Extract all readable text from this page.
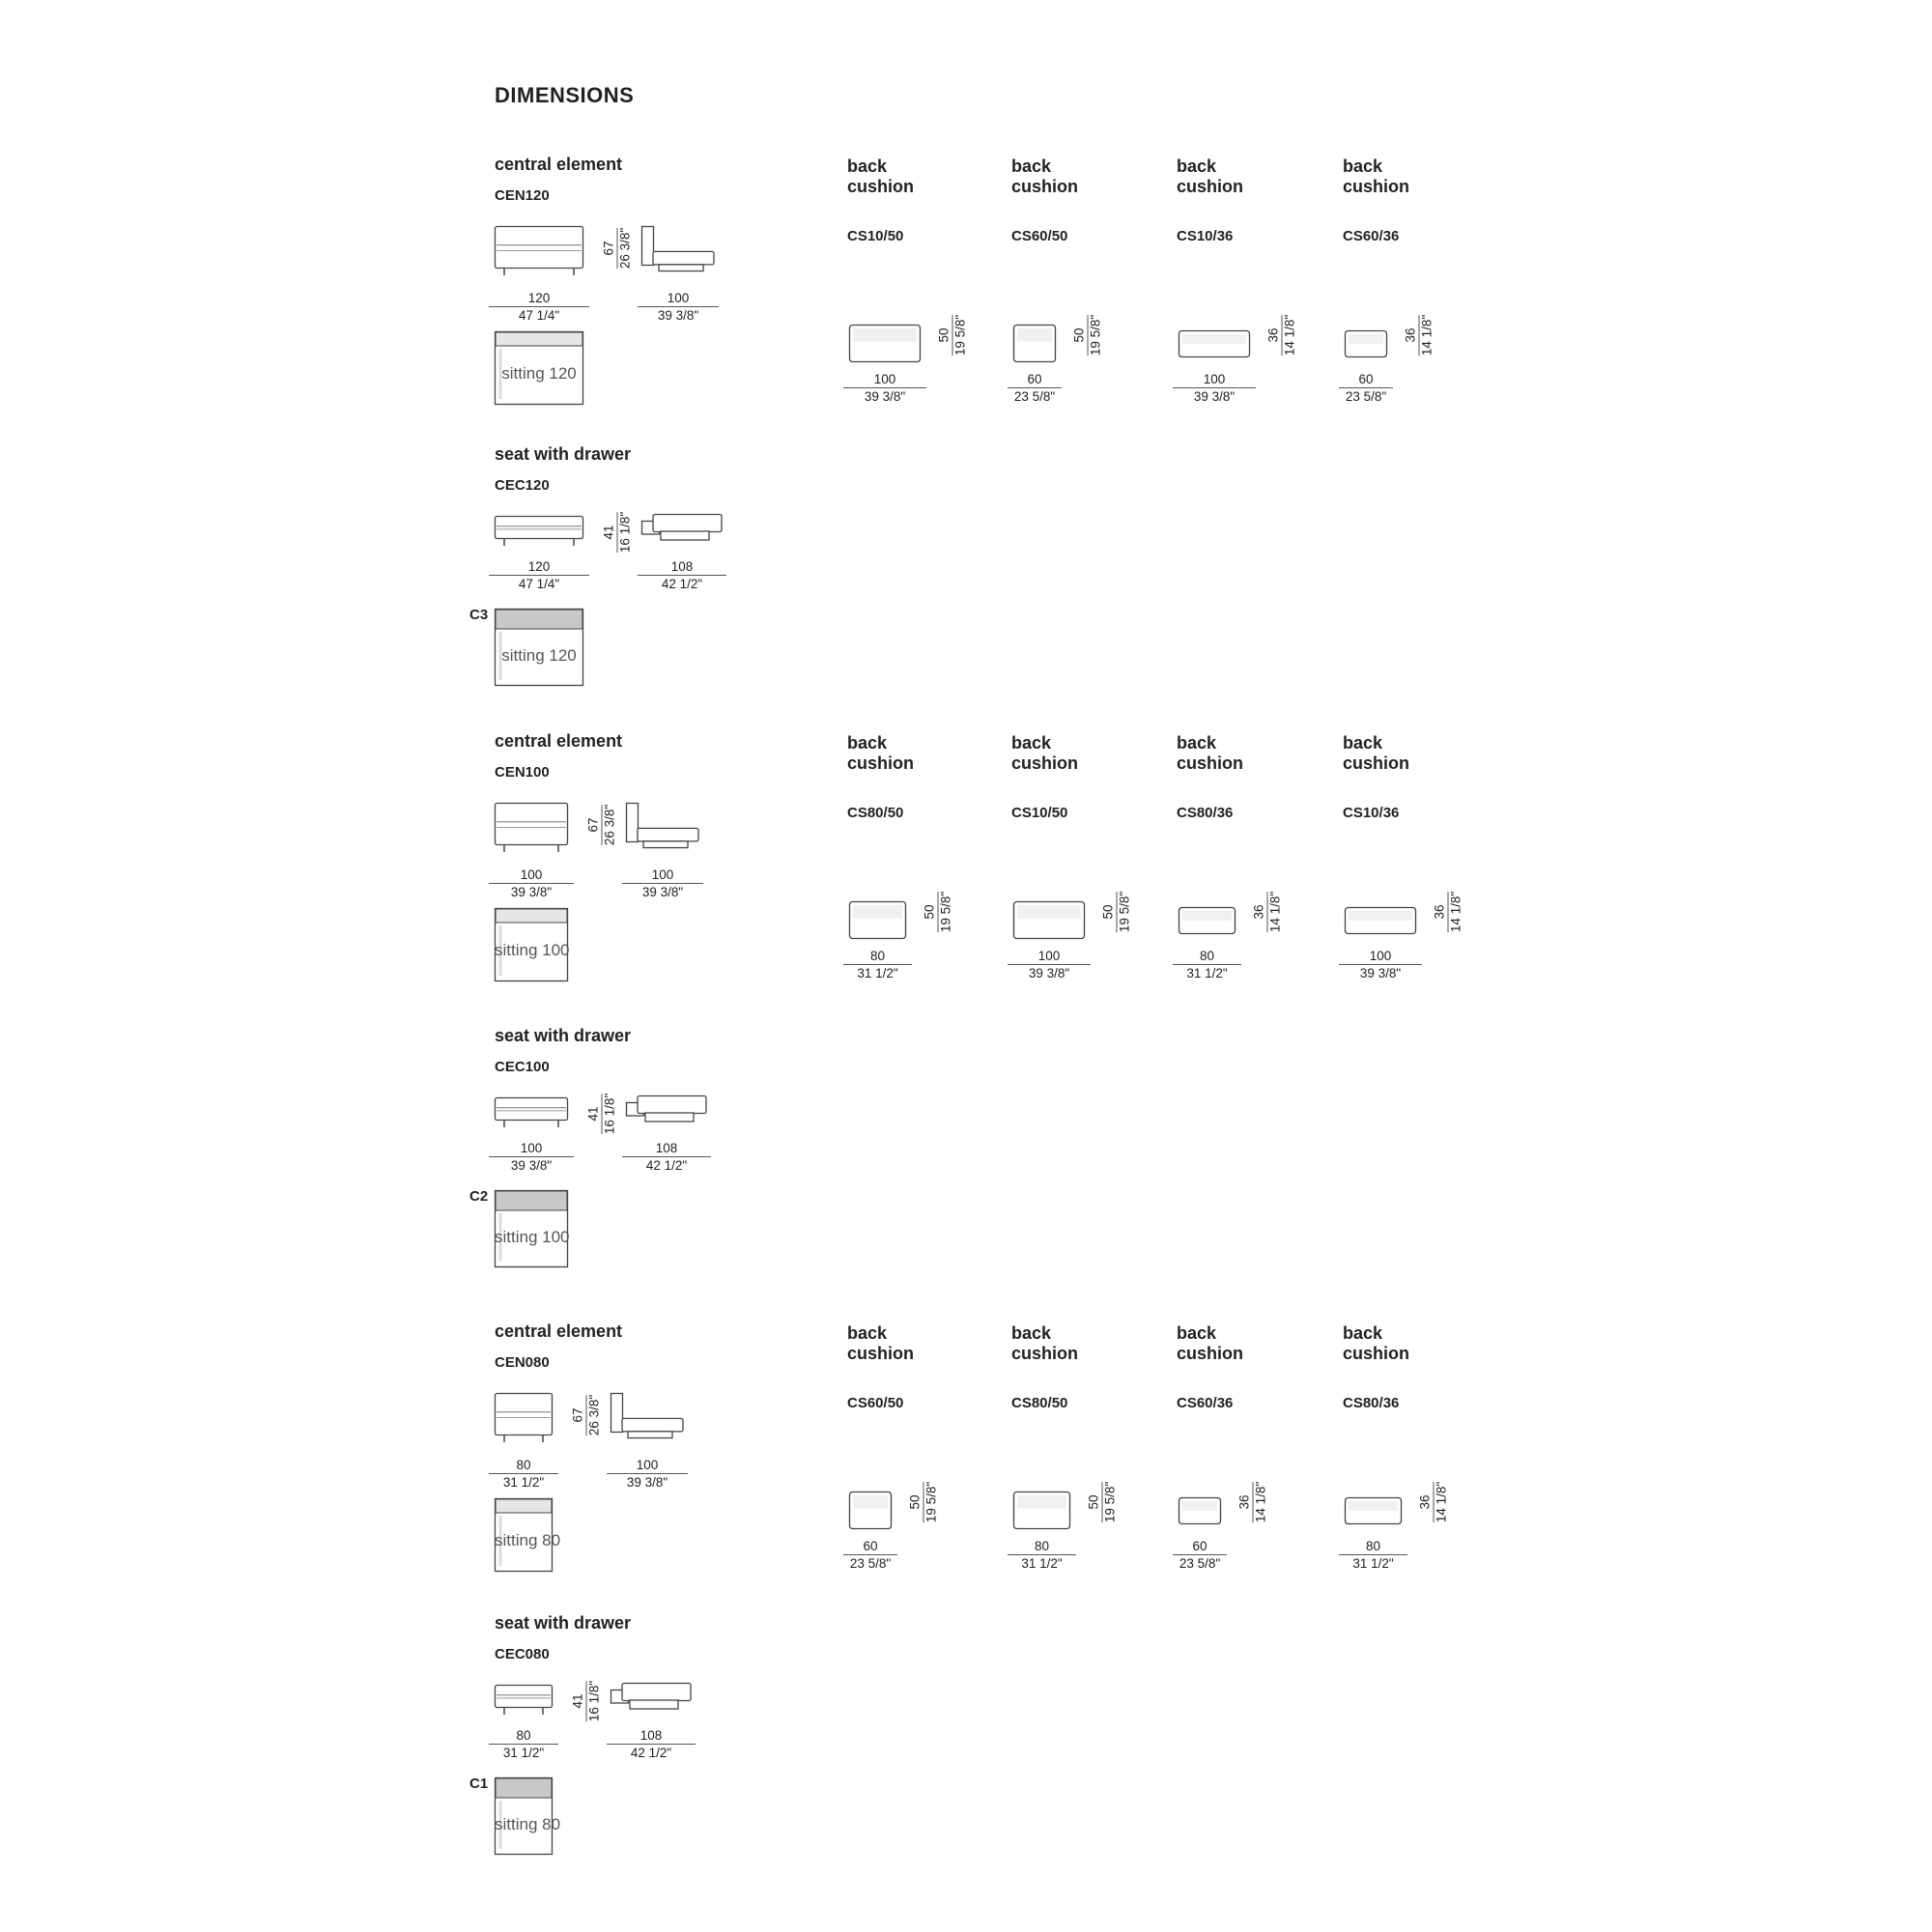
DIMENSIONS
central element
CEN120
67 26 3/8"
120
47 1/4"
100
39 3/8"
sitting 120
seat with drawer
CEC120
41 16 1/8"
120
47 1/4"
108
42 1/2"
C3
sitting 120
back cushion
CS10/50
50 19 5/8"
100
39 3/8"
back cushion
CS60/50
50 19 5/8"
60
23 5/8"
back cushion
CS10/36
36 14 1/8"
100
39 3/8"
back cushion
CS60/36
36 14 1/8"
60
23 5/8"
central element
CEN100
67 26 3/8"
100
39 3/8"
100
39 3/8"
sitting 100
seat with drawer
CEC100
41 16 1/8"
100
39 3/8"
108
42 1/2"
C2
sitting 100
back cushion
CS80/50
50 19 5/8"
80
31 1/2"
back cushion
CS10/50
50 19 5/8"
100
39 3/8"
back cushion
CS80/36
36 14 1/8"
80
31 1/2"
back cushion
CS10/36
36 14 1/8"
100
39 3/8"
central element
CEN080
67 26 3/8"
80
31 1/2"
100
39 3/8"
sitting 80
seat with drawer
CEC080
41 16 1/8"
80
31 1/2"
108
42 1/2"
C1
sitting 80
back cushion
CS60/50
50 19 5/8"
60
23 5/8"
back cushion
CS80/50
50 19 5/8"
80
31 1/2"
back cushion
CS60/36
36 14 1/8"
60
23 5/8"
back cushion
CS80/36
36 14 1/8"
80
31 1/2"
